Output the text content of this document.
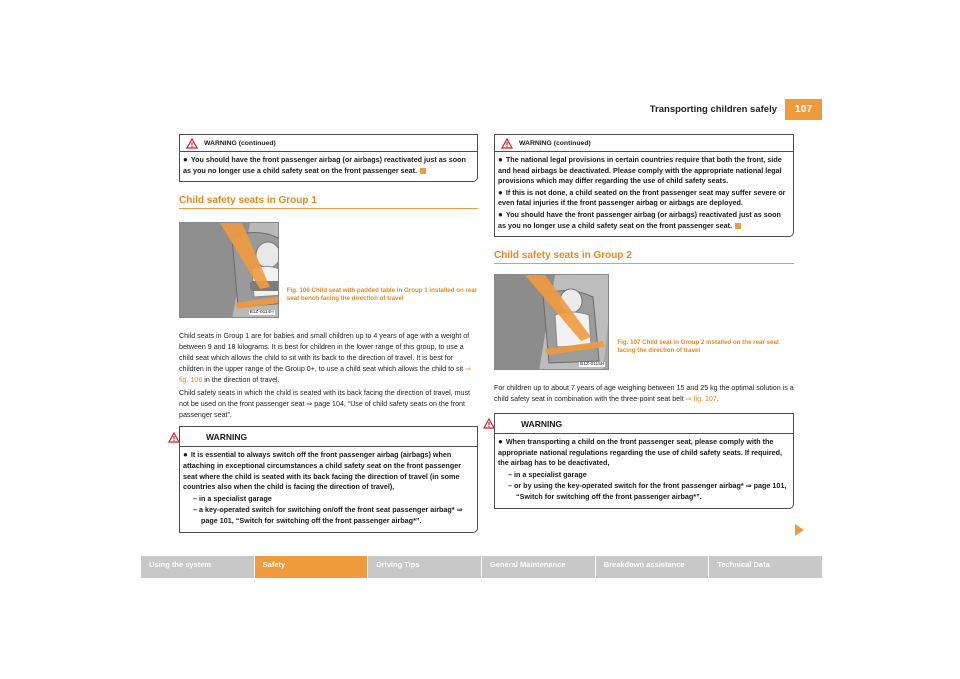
Transporting children safely	107
WARNING (continued)

● You should have the front passenger airbag (or airbags) reactivated just as soon as you no longer use a child safety seat on the front passenger seat.

Child safety seats in Group 1
B1Z-0114H
Fig. 106 Child seat with padded table in Group 1 installed on rear seat bench facing the direction of travel

Child seats in Group 1 are for babies and small children up to 4 years of age with a weight of between 9 and 18 kilograms. It is best for children in the lower range of this group, to use a child seat which allows the child to sit with its back to the direction of travel. It is best for children in the upper range of the Group 0+, to use a child seat which allows the child to sit ⇒ fig. 106 in the direction of travel.

Child safety seats in which the child is seated with its back facing the direction of travel, must not be used on the front passenger seat ⇒ page 104, “Use of child safety seats on the front passenger seat”.

WARNING

● It is essential to always switch off the front passenger airbag (airbags) when attaching in exceptional circumstances a child safety seat on the front passenger seat where the child is seated with its back facing the direction of travel (in some countries also when the child is facing the direction of travel),

– in a specialist garage

– a key-operated switch for switching on/off the front seat passenger airbag* ⇒ page 101, “Switch for switching off the front passenger airbag*”.

WARNING (continued)

● The national legal provisions in certain countries require that both the front, side and head airbags be deactivated. Please comply with the appropriate national legal provisions which may differ regarding the use of child safety seats.

● If this is not done, a child seated on the front passenger seat may suffer severe or even fatal injuries if the front passenger airbag or airbags are deployed.

● You should have the front passenger airbag (or airbags) reactivated just as soon as you no longer use a child safety seat on the front passenger seat.

Child safety seats in Group 2
B1Z-0115H
Fig. 107 Child seat in Group 2 installed on the rear seat facing the direction of travel

For children up to about 7 years of age weighing between 15 and 25 kg the optimal solution is a child safety seat in combination with the three-point seat belt ⇒ fig. 107.

WARNING

● When transporting a child on the front passenger seat, please comply with the appropriate national regulations regarding the use of child safety seats. If required, the airbag has to be deactivated,

– in a specialist garage

– or by using the key-operated switch for the front passenger airbag* ⇒ page 101, “Switch for switching off the front passenger airbag*”.

Using the system	Safety	Driving Tips	General Maintenance	Breakdown assistance	Technical Data
